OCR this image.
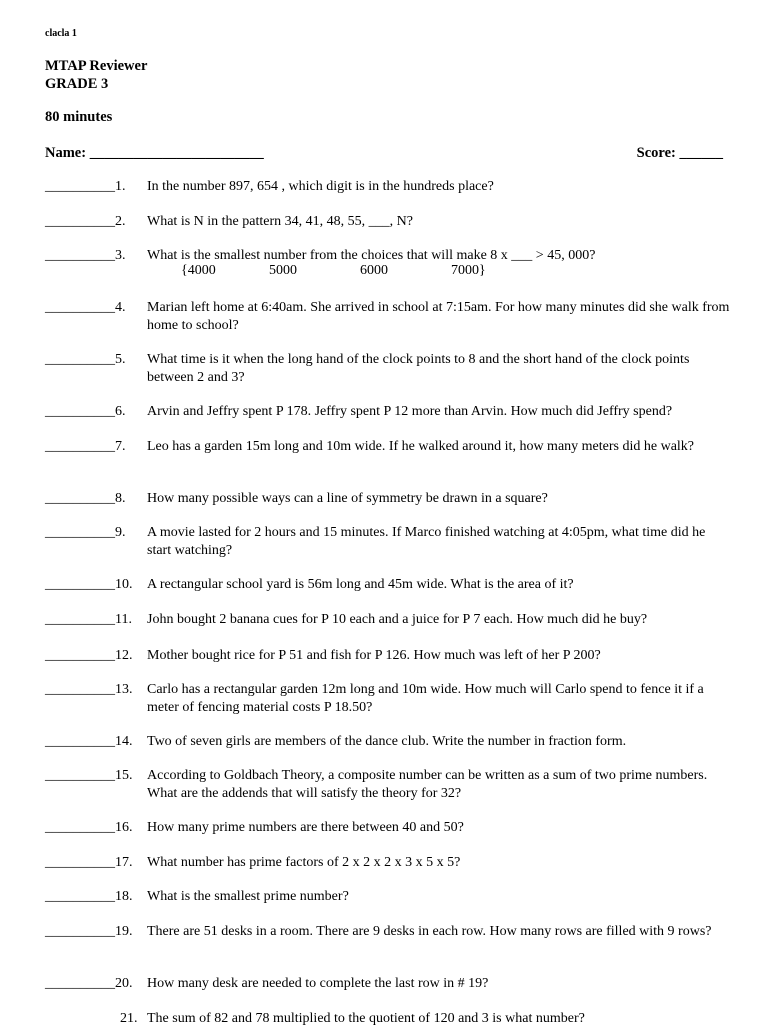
clacla 1
MTAP Reviewer
GRADE 3
80 minutes
Name: ________________________	Score: ______
__________1. In the number 897, 654 , which digit is in the hundreds place?
__________2. What is N in the pattern 34, 41, 48, 55, ___, N?
__________3. What is the smallest number from the choices that will make 8 x ___ > 45, 000?
__________4. Marian left home at 6:40am. She arrived in school at 7:15am. For how many minutes did she walk from home to school?
__________5. What time is it when the long hand of the clock points to 8 and the short hand of the clock points between 2 and 3?
__________6. Arvin and Jeffry spent P 178. Jeffry spent P 12 more than Arvin. How much did Jeffry spend?
__________7. Leo has a garden 15m long and 10m wide. If he walked around it, how many meters did he walk?
__________8. How many possible ways can a line of symmetry be drawn in a square?
__________9. A movie lasted for 2 hours and 15 minutes. If Marco finished watching at 4:05pm, what time did he start watching?
__________10. A rectangular school yard is 56m long and 45m wide. What is the area of it?
__________11. John bought 2 banana cues for P 10 each and a juice for P 7 each. How much did he buy?
__________12. Mother bought rice for P 51 and fish for P 126. How much was left of her P 200?
__________13. Carlo has a rectangular garden 12m long and 10m wide. How much will Carlo spend to fence it if a meter of fencing material costs P 18.50?
__________14. Two of seven girls are members of the dance club. Write the number in fraction form.
__________15. According to Goldbach Theory, a composite number can be written as a sum of two prime numbers. What are the addends that will satisfy the theory for 32?
__________16. How many prime numbers are there between 40 and 50?
__________17. What number has prime factors of 2 x 2 x 2 x 3 x 5 x 5?
__________18. What is the smallest prime number?
__________19. There are 51 desks in a room. There are 9 desks in each row. How many rows are filled with 9 rows?
__________20. How many desk are needed to complete the last row in # 19?
21. The sum of 82 and 78 multiplied to the quotient of 120 and 3 is what number?
{4000	5000	6000	7000}
